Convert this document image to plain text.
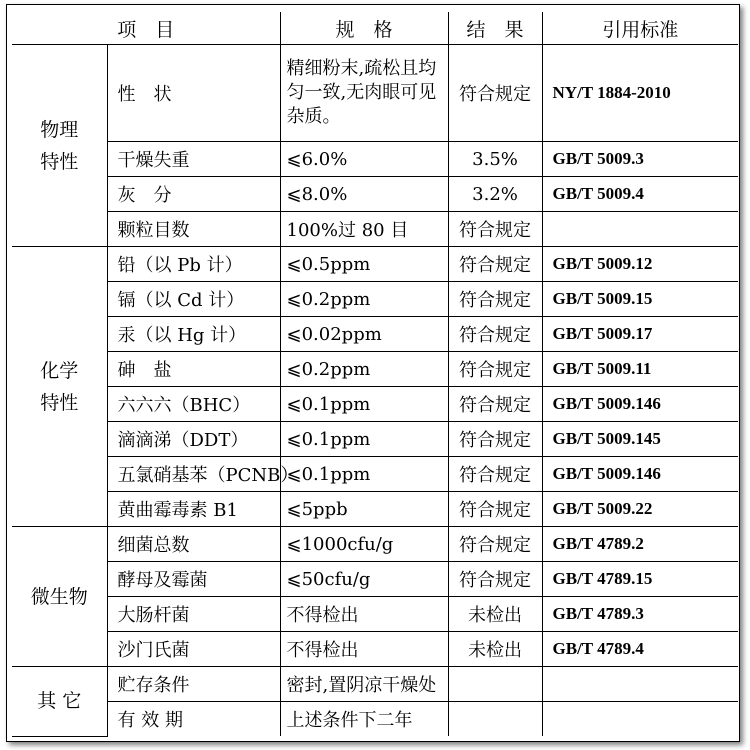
项　目		规　格	结　果	引用标准

物理
特性	性　状	精细粉末,疏松且均匀一致,无肉眼可见杂质。	符合规定	NY/T 1884-2010
	干燥失重	⩽6.0%	3.5%	GB/T 5009.3
	灰　分	⩽8.0%	3.2%	GB/T 5009.4
	颗粒目数	100%过 80 目	符合规定	

化学
特性	铅（以 Pb 计）	⩽0.5ppm	符合规定	GB/T 5009.12
	镉（以 Cd 计）	⩽0.2ppm	符合规定	GB/T 5009.15
	汞（以 Hg 计）	⩽0.02ppm	符合规定	GB/T 5009.17
	砷　盐	⩽0.2ppm	符合规定	GB/T 5009.11
	六六六（BHC）	⩽0.1ppm	符合规定	GB/T 5009.146
	滴滴涕（DDT）	⩽0.1ppm	符合规定	GB/T 5009.145
	五氯硝基苯（PCNB）	⩽0.1ppm	符合规定	GB/T 5009.146
	黄曲霉毒素 B1	⩽5ppb	符合规定	GB/T 5009.22

微生物	细菌总数	⩽1000cfu/g	符合规定	GB/T 4789.2
	酵母及霉菌	⩽50cfu/g	符合规定	GB/T 4789.15
	大肠杆菌	不得检出	未检出	GB/T 4789.3
	沙门氏菌	不得检出	未检出	GB/T 4789.4

其 它	贮存条件	密封,置阴凉干燥处		
	有 效 期	上述条件下二年		
